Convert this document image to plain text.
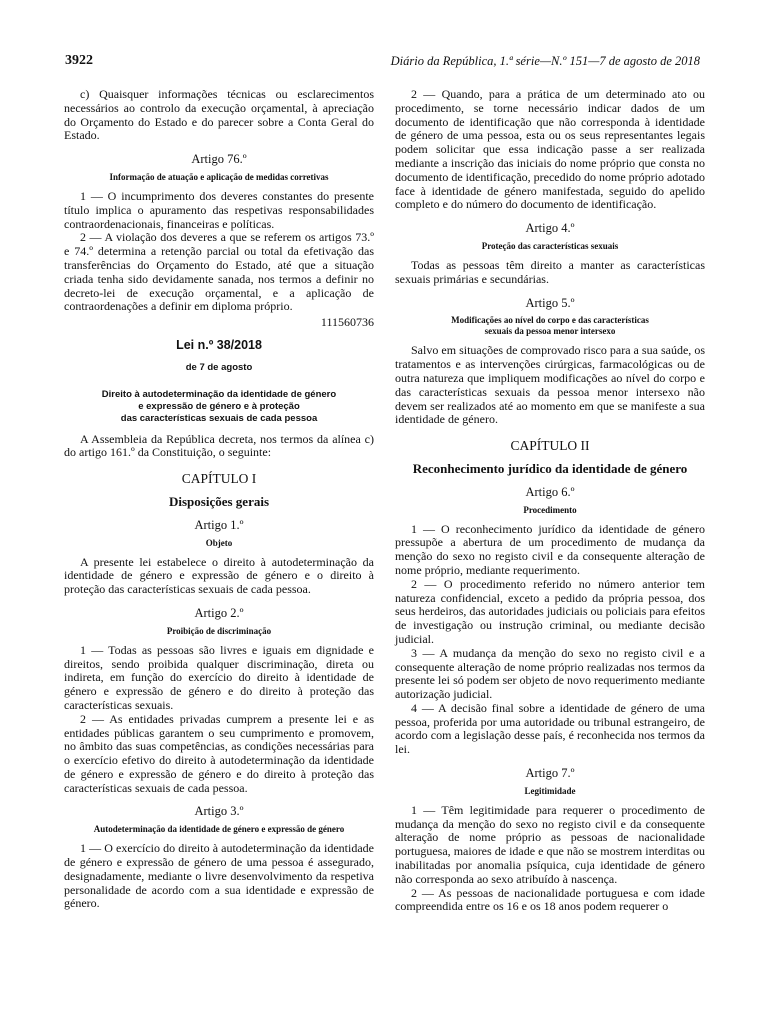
3922	Diário da República, 1.ª série—N.º 151—7 de agosto de 2018

c) Quaisquer informações técnicas ou esclarecimentos necessários ao controlo da execução orçamental, à apreciação do Orçamento do Estado e do parecer sobre a Conta Geral do Estado.

Artigo 76.º
Informação de atuação e aplicação de medidas corretivas

1 — O incumprimento dos deveres constantes do presente título implica o apuramento das respetivas responsabilidades contraordenacionais, financeiras e políticas.

2 — A violação dos deveres a que se referem os artigos 73.º e 74.º determina a retenção parcial ou total da efetivação das transferências do Orçamento do Estado, até que a situação criada tenha sido devidamente sanada, nos termos a definir no decreto-lei de execução orçamental, e a aplicação de contraordenações a definir em diploma próprio.

111560736
Lei n.º 38/2018
de 7 de agosto
Direito à autodeterminação da identidade de género
e expressão de género e à proteção
das características sexuais de cada pessoa

A Assembleia da República decreta, nos termos da alínea c) do artigo 161.º da Constituição, o seguinte:

CAPÍTULO I
Disposições gerais
Artigo 1.º
Objeto

A presente lei estabelece o direito à autodeterminação da identidade de género e expressão de género e o direito à proteção das características sexuais de cada pessoa.

Artigo 2.º
Proibição de discriminação

1 — Todas as pessoas são livres e iguais em dignidade e direitos, sendo proibida qualquer discriminação, direta ou indireta, em função do exercício do direito à identidade de género e expressão de género e do direito à proteção das características sexuais.

2 — As entidades privadas cumprem a presente lei e as entidades públicas garantem o seu cumprimento e promovem, no âmbito das suas competências, as condições necessárias para o exercício efetivo do direito à autodeterminação da identidade de género e expressão de género e do direito à proteção das características sexuais de cada pessoa.

Artigo 3.º
Autodeterminação da identidade de género e expressão de género

1 — O exercício do direito à autodeterminação da identidade de género e expressão de género de uma pessoa é assegurado, designadamente, mediante o livre desenvolvimento da respetiva personalidade de acordo com a sua identidade e expressão de género.

2 — Quando, para a prática de um determinado ato ou procedimento, se torne necessário indicar dados de um documento de identificação que não corresponda à identidade de género de uma pessoa, esta ou os seus representantes legais podem solicitar que essa indicação passe a ser realizada mediante a inscrição das iniciais do nome próprio que consta no documento de identificação, precedido do nome próprio adotado face à identidade de género manifestada, seguido do apelido completo e do número do documento de identificação.

Artigo 4.º
Proteção das características sexuais

Todas as pessoas têm direito a manter as características sexuais primárias e secundárias.

Artigo 5.º
Modificações ao nível do corpo e das características
sexuais da pessoa menor intersexo

Salvo em situações de comprovado risco para a sua saúde, os tratamentos e as intervenções cirúrgicas, farmacológicas ou de outra natureza que impliquem modificações ao nível do corpo e das características sexuais da pessoa menor intersexo não devem ser realizados até ao momento em que se manifeste a sua identidade de género.

CAPÍTULO II
Reconhecimento jurídico da identidade de género
Artigo 6.º
Procedimento

1 — O reconhecimento jurídico da identidade de género pressupõe a abertura de um procedimento de mudança da menção do sexo no registo civil e da consequente alteração de nome próprio, mediante requerimento.

2 — O procedimento referido no número anterior tem natureza confidencial, exceto a pedido da própria pessoa, dos seus herdeiros, das autoridades judiciais ou policiais para efeitos de investigação ou instrução criminal, ou mediante decisão judicial.

3 — A mudança da menção do sexo no registo civil e a consequente alteração de nome próprio realizadas nos termos da presente lei só podem ser objeto de novo requerimento mediante autorização judicial.

4 — A decisão final sobre a identidade de género de uma pessoa, proferida por uma autoridade ou tribunal estrangeiro, de acordo com a legislação desse país, é reconhecida nos termos da lei.

Artigo 7.º
Legitimidade

1 — Têm legitimidade para requerer o procedimento de mudança da menção do sexo no registo civil e da consequente alteração de nome próprio as pessoas de nacionalidade portuguesa, maiores de idade e que não se mostrem interditas ou inabilitadas por anomalia psíquica, cuja identidade de género não corresponda ao sexo atribuído à nascença.

2 — As pessoas de nacionalidade portuguesa e com idade compreendida entre os 16 e os 18 anos podem requerer o
